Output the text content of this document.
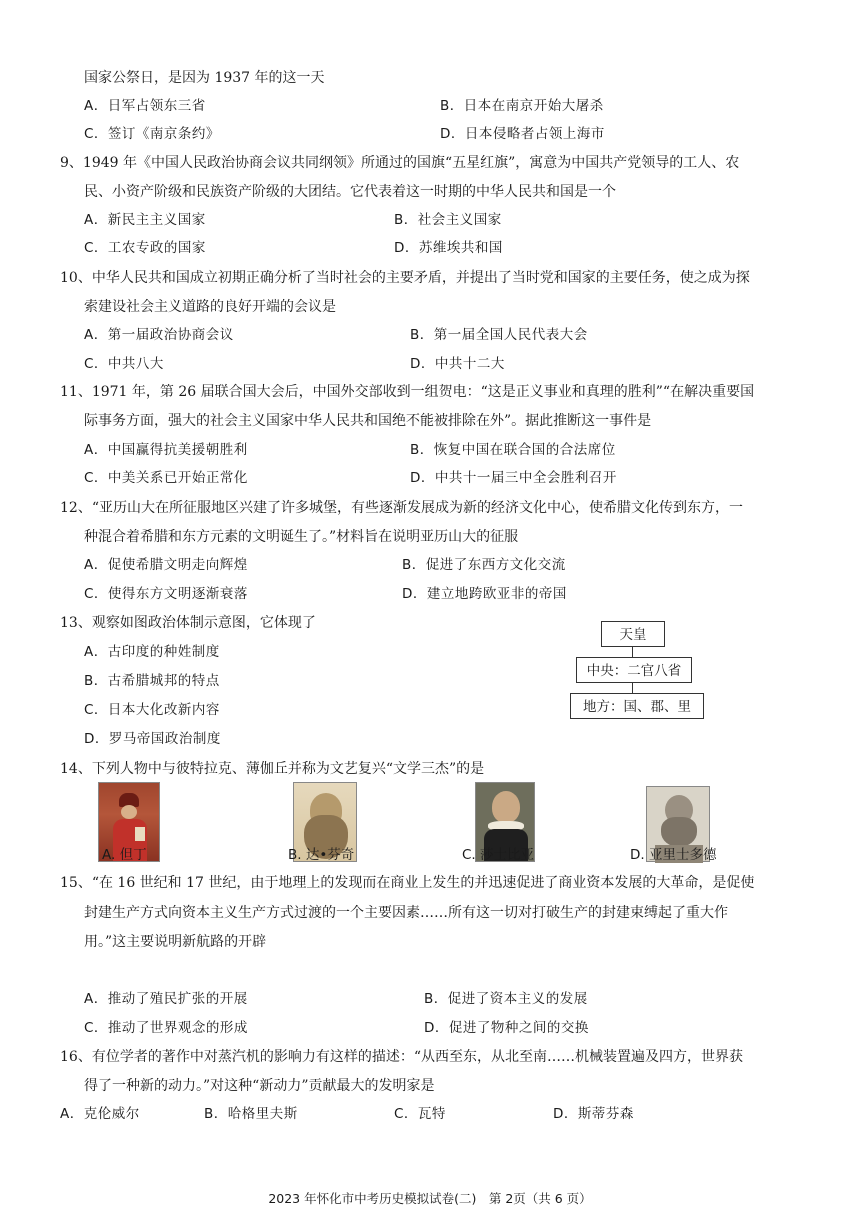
国家公祭日，是因为 1937 年的这一天
A．日军占领东三省	B．日本在南京开始大屠杀
C．签订《南京条约》	D．日本侵略者占领上海市
9、1949 年《中国人民政治协商会议共同纲领》所通过的国旗“五星红旗”，寓意为中国共产党领导的工人、农
民、小资产阶级和民族资产阶级的大团结。它代表着这一时期的中华人民共和国是一个
A．新民主主义国家	B．社会主义国家
C．工农专政的国家	D．苏维埃共和国
10、中华人民共和国成立初期正确分析了当时社会的主要矛盾，并提出了当时党和国家的主要任务，使之成为探
索建设社会主义道路的良好开端的会议是
A．第一届政治协商会议	B．第一届全国人民代表大会
C．中共八大	D．中共十二大
11、1971 年，第 26 届联合国大会后，中国外交部收到一组贺电：“这是正义事业和真理的胜利”“在解决重要国
际事务方面，强大的社会主义国家中华人民共和国绝不能被排除在外”。据此推断这一事件是
A．中国赢得抗美援朝胜利	B．恢复中国在联合国的合法席位
C．中美关系已开始正常化	D．中共十一届三中全会胜利召开
12、“亚历山大在所征服地区兴建了许多城堡，有些逐渐发展成为新的经济文化中心，使希腊文化传到东方，一
种混合着希腊和东方元素的文明诞生了。”材料旨在说明亚历山大的征服
A．促使希腊文明走向辉煌	B．促进了东西方文化交流
C．使得东方文明逐渐衰落	D．建立地跨欧亚非的帝国
13、观察如图政治体制示意图，它体现了
A．古印度的种姓制度
B．古希腊城邦的特点
C．日本大化改新内容
D．罗马帝国政治制度
天皇
中央：二官八省
地方：国、郡、里
14、下列人物中与彼特拉克、薄伽丘并称为文艺复兴“文学三杰”的是
A. 但丁	B. 达•芬奇	C. 莎士比亚	D. 亚里士多德
15、“在 16 世纪和 17 世纪，由于地理上的发现而在商业上发生的并迅速促进了商业资本发展的大革命，是促使
封建生产方式向资本主义生产方式过渡的一个主要因素……所有这一切对打破生产的封建束缚起了重大作
用。”这主要说明新航路的开辟
A．推动了殖民扩张的开展	B．促进了资本主义的发展
C．推动了世界观念的形成	D．促进了物种之间的交换
16、有位学者的著作中对蒸汽机的影响力有这样的描述：“从西至东，从北至南……机械装置遍及四方，世界获
得了一种新的动力。”对这种“新动力”贡献最大的发明家是
A．克伦威尔	B．哈格里夫斯	C．瓦特	D．斯蒂芬森
2023 年怀化市中考历史模拟试卷(二)　第 2页（共 6 页）
